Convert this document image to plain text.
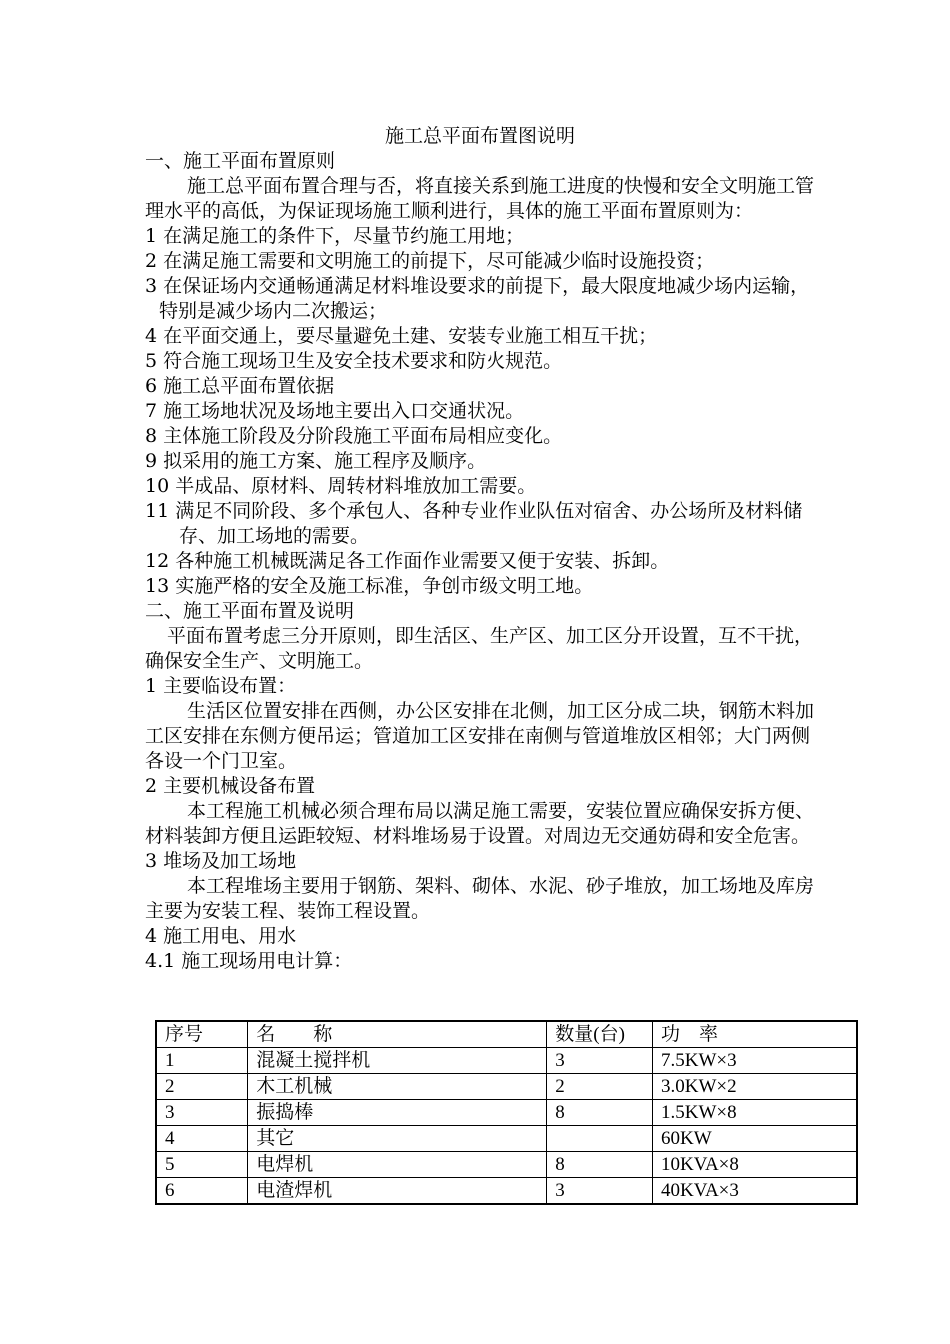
施工总平面布置图说明

一、施工平面布置原则

施工总平面布置合理与否，将直接关系到施工进度的快慢和安全文明施工管理水平的高低，为保证现场施工顺利进行，具体的施工平面布置原则为：

1 在满足施工的条件下，尽量节约施工用地；

2 在满足施工需要和文明施工的前提下，尽可能减少临时设施投资；

3 在保证场内交通畅通满足材料堆设要求的前提下，最大限度地减少场内运输，特别是减少场内二次搬运；

4 在平面交通上，要尽量避免土建、安装专业施工相互干扰；

5 符合施工现场卫生及安全技术要求和防火规范。

6 施工总平面布置依据

7 施工场地状况及场地主要出入口交通状况。

8 主体施工阶段及分阶段施工平面布局相应变化。

9 拟采用的施工方案、施工程序及顺序。

10 半成品、原材料、周转材料堆放加工需要。

11 满足不同阶段、多个承包人、各种专业作业队伍对宿舍、办公场所及材料储存、加工场地的需要。

12 各种施工机械既满足各工作面作业需要又便于安装、拆卸。

13 实施严格的安全及施工标准，争创市级文明工地。

二、施工平面布置及说明

平面布置考虑三分开原则，即生活区、生产区、加工区分开设置，互不干扰，确保安全生产、文明施工。

1 主要临设布置：

生活区位置安排在西侧，办公区安排在北侧，加工区分成二块，钢筋木料加工区安排在东侧方便吊运；管道加工区安排在南侧与管道堆放区相邻；大门两侧各设一个门卫室。

2 主要机械设备布置

本工程施工机械必须合理布局以满足施工需要，安装位置应确保安拆方便、材料装卸方便且运距较短、材料堆场易于设置。对周边无交通妨碍和安全危害。

3 堆场及加工场地

本工程堆场主要用于钢筋、架料、砌体、水泥、砂子堆放，加工场地及库房主要为安装工程、装饰工程设置。

4 施工用电、用水

4.1 施工现场用电计算：

序号	名　　称	数量(台)	功　率
1	混凝土搅拌机	3	7.5KW×3
2	木工机械	2	3.0KW×2
3	振捣棒	8	1.5KW×8
4	其它		60KW
5	电焊机	8	10KVA×8
6	电渣焊机	3	40KVA×3
